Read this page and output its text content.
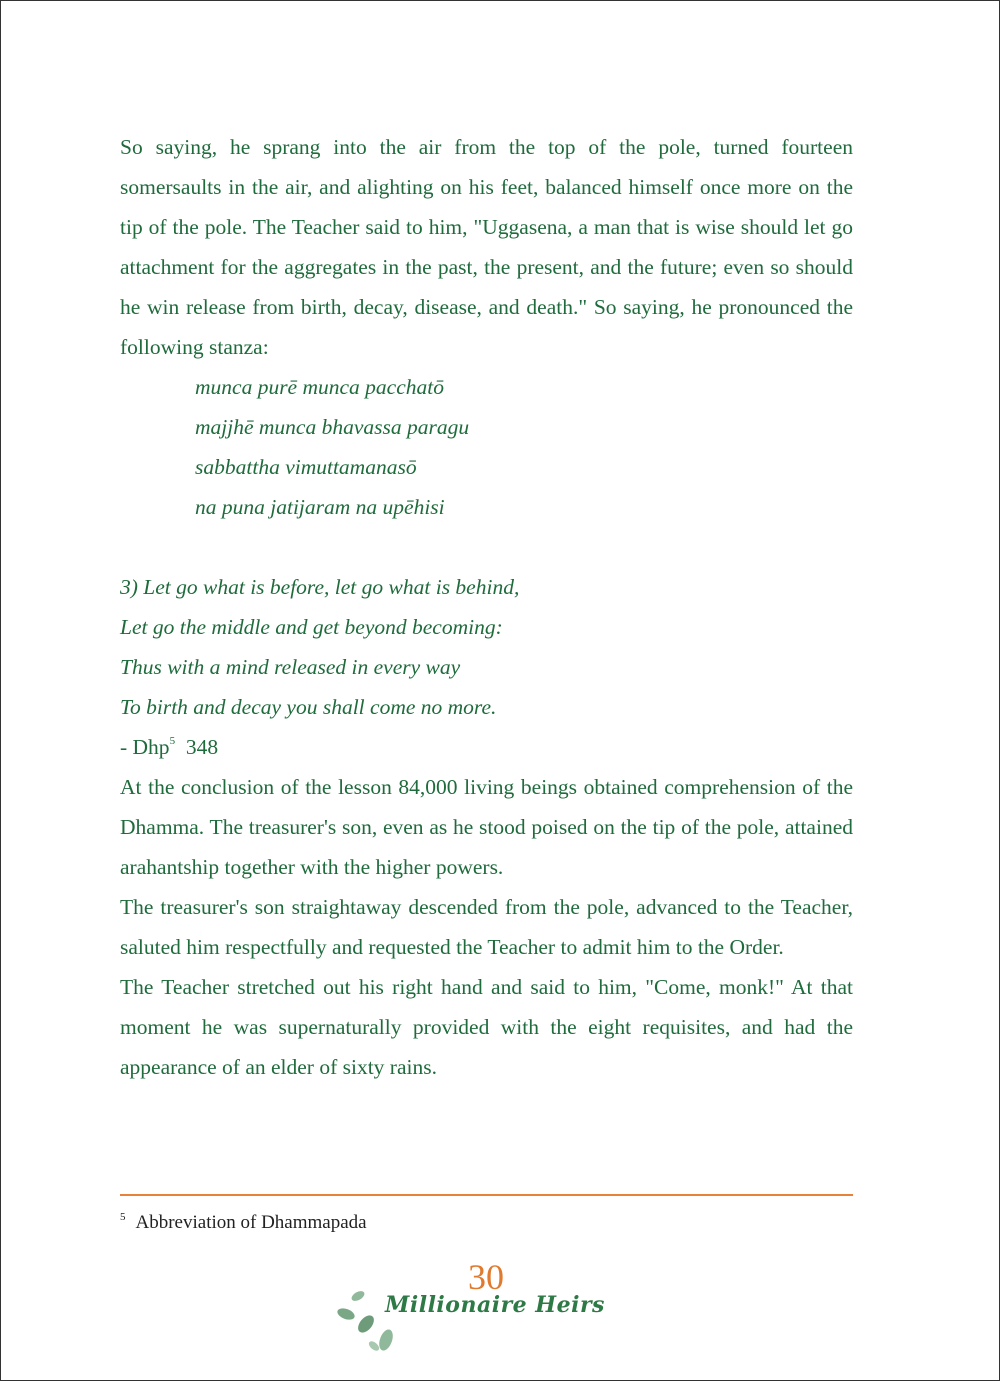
So saying, he sprang into the air from the top of the pole, turned fourteen somersaults in the air, and alighting on his feet, balanced himself once more on the tip of the pole. The Teacher said to him, "Uggasena, a man that is wise should let go attachment for the aggregates in the past, the present, and the future; even so should he win release from birth, decay, disease, and death." So saying, he pronounced the following stanza:

munca purē munca pacchatō
majjhē munca bhavassa paragu
sabbattha vimuttamanasō
na puna jatijaram na upēhisi
3) Let go what is before, let go what is behind,
Let go the middle and get beyond becoming:
Thus with a mind released in every way
To birth and decay you shall come no more.

- Dhp$^5$ 348

At the conclusion of the lesson 84,000 living beings obtained comprehension of the Dhamma. The treasurer's son, even as he stood poised on the tip of the pole, attained arahantship together with the higher powers.

The treasurer's son straightaway descended from the pole, advanced to the Teacher, saluted him respectfully and requested the Teacher to admit him to the Order.

The Teacher stretched out his right hand and said to him, "Come, monk!" At that moment he was supernaturally provided with the eight requisites, and had the appearance of an elder of sixty rains.

$^5$ Abbreviation of Dhammapada
30
Millionaire Heirs
